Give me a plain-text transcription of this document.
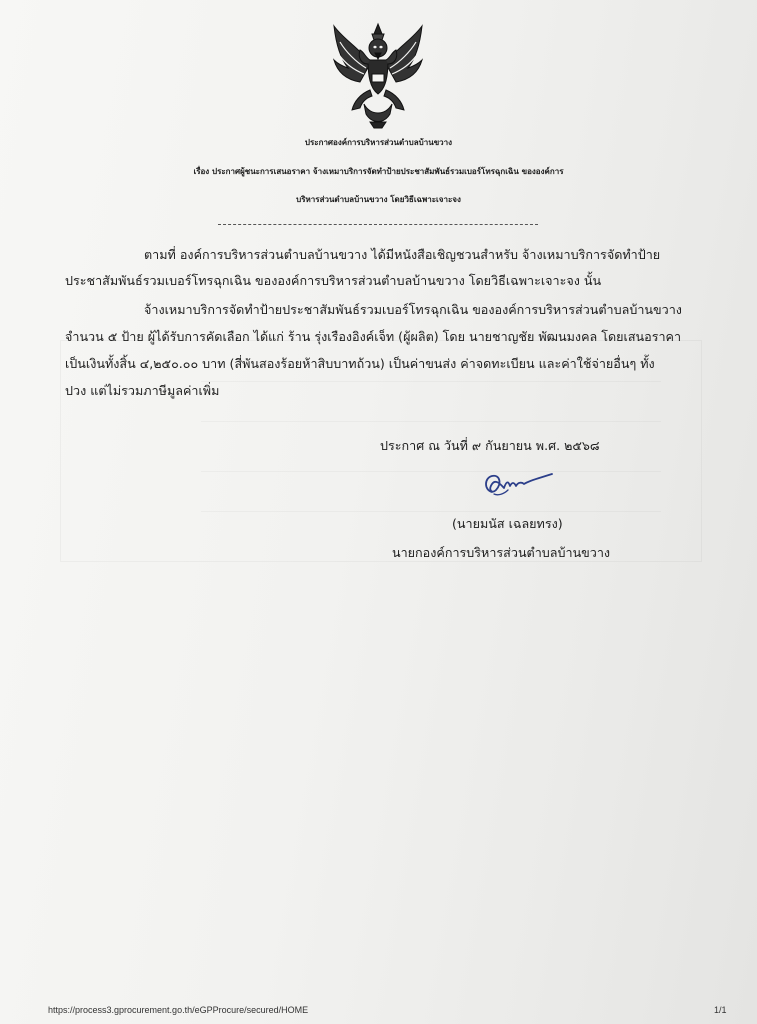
ประกาศองค์การบริหารส่วนตำบลบ้านขวาง
เรื่อง ประกาศผู้ชนะการเสนอราคา จ้างเหมาบริการจัดทำป้ายประชาสัมพันธ์รวมเบอร์โทรฉุกเฉิน ขององค์การ
บริหารส่วนตำบลบ้านขวาง โดยวิธีเฉพาะเจาะจง
ตามที่ องค์การบริหารส่วนตำบลบ้านขวาง ได้มีหนังสือเชิญชวนสำหรับ จ้างเหมาบริการจัดทำป้าย
ประชาสัมพันธ์รวมเบอร์โทรฉุกเฉิน ขององค์การบริหารส่วนตำบลบ้านขวาง โดยวิธีเฉพาะเจาะจง นั้น
จ้างเหมาบริการจัดทำป้ายประชาสัมพันธ์รวมเบอร์โทรฉุกเฉิน ขององค์การบริหารส่วนตำบลบ้านขวาง
จำนวน ๕ ป้าย ผู้ได้รับการคัดเลือก ได้แก่ ร้าน รุ่งเรืองอิงค์เจ็ท (ผู้ผลิต) โดย นายชาญชัย พัฒนมงคล โดยเสนอราคา
เป็นเงินทั้งสิ้น ๔,๒๕๐.๐๐ บาท (สี่พันสองร้อยห้าสิบบาทถ้วน) เป็นค่าขนส่ง ค่าจดทะเบียน และค่าใช้จ่ายอื่นๆ ทั้ง
ปวง แต่ไม่รวมภาษีมูลค่าเพิ่ม
ประกาศ ณ วันที่ ๙ กันยายน พ.ศ. ๒๕๖๘
(นายมนัส เฉลยทรง)
นายกองค์การบริหารส่วนตำบลบ้านขวาง
https://process3.gprocurement.go.th/eGPProcure/secured/HOME	1/1
